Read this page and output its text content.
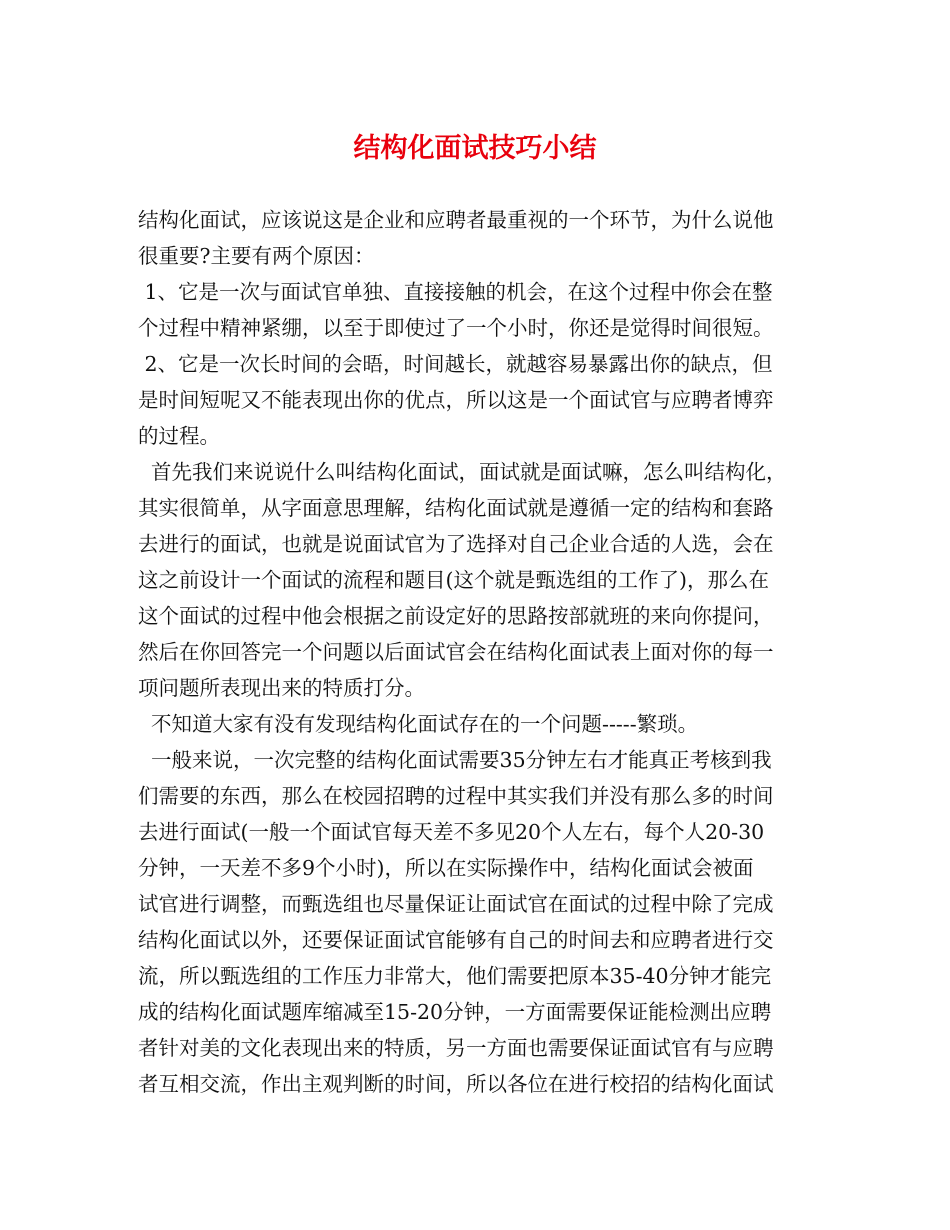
结构化面试技巧小结
结构化面试，应该说这是企业和应聘者最重视的一个环节，为什么说他
很重要?主要有两个原因：
1、它是一次与面试官单独、直接接触的机会，在这个过程中你会在整
个过程中精神紧绷，以至于即使过了一个小时，你还是觉得时间很短。
2、它是一次长时间的会晤，时间越长，就越容易暴露出你的缺点，但
是时间短呢又不能表现出你的优点，所以这是一个面试官与应聘者博弈
的过程。
首先我们来说说什么叫结构化面试，面试就是面试嘛，怎么叫结构化，
其实很简单，从字面意思理解，结构化面试就是遵循一定的结构和套路
去进行的面试，也就是说面试官为了选择对自己企业合适的人选，会在
这之前设计一个面试的流程和题目(这个就是甄选组的工作了)，那么在
这个面试的过程中他会根据之前设定好的思路按部就班的来向你提问，
然后在你回答完一个问题以后面试官会在结构化面试表上面对你的每一
项问题所表现出来的特质打分。
不知道大家有没有发现结构化面试存在的一个问题-----繁琐。
一般来说，一次完整的结构化面试需要35分钟左右才能真正考核到我
们需要的东西，那么在校园招聘的过程中其实我们并没有那么多的时间
去进行面试(一般一个面试官每天差不多见20个人左右，每个人20-30
分钟，一天差不多9个小时)，所以在实际操作中，结构化面试会被面
试官进行调整，而甄选组也尽量保证让面试官在面试的过程中除了完成
结构化面试以外，还要保证面试官能够有自己的时间去和应聘者进行交
流，所以甄选组的工作压力非常大，他们需要把原本35-40分钟才能完
成的结构化面试题库缩减至15-20分钟，一方面需要保证能检测出应聘
者针对美的文化表现出来的特质，另一方面也需要保证面试官有与应聘
者互相交流，作出主观判断的时间，所以各位在进行校招的结构化面试
